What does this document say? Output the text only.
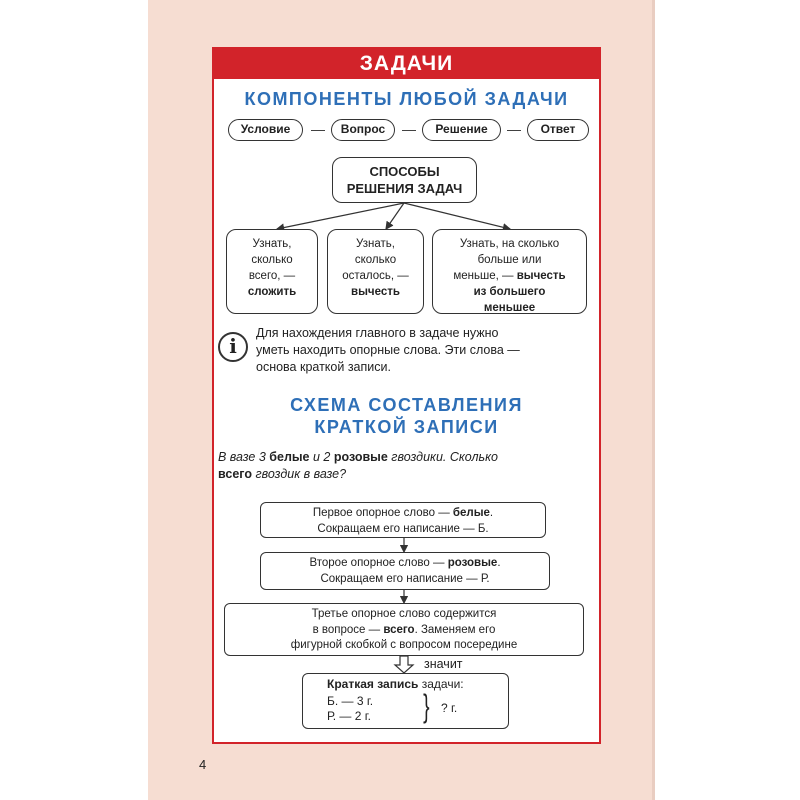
ЗАДАЧИ
КОМПОНЕНТЫ ЛЮБОЙ ЗАДАЧИ
Условие	—	Вопрос	—	Решение	—	Ответ
СПОСОБЫ
РЕШЕНИЯ ЗАДАЧ
Узнать,
сколько
всего, —
сложить
Узнать,
сколько
осталось, —
вычесть
Узнать, на сколько
больше или
меньше, — вычесть
из большего
меньшее
i
Для нахождения главного в задаче нужно
уметь находить опорные слова. Эти слова —
основа краткой записи.
СХЕМА СОСТАВЛЕНИЯ
КРАТКОЙ ЗАПИСИ
В вазе 3 белые и 2 розовые гвоздики. Сколько
всего гвоздик в вазе?
Первое опорное слово — белые.
Сокращаем его написание — Б.
Второе опорное слово — розовые.
Сокращаем его написание — Р.
Третье опорное слово содержится
в вопросе — всего. Заменяем его
фигурной скобкой с вопросом посередине
значит
Краткая запись задачи:
Б. — 3 г.
Р. — 2 г. } ? г.
4
